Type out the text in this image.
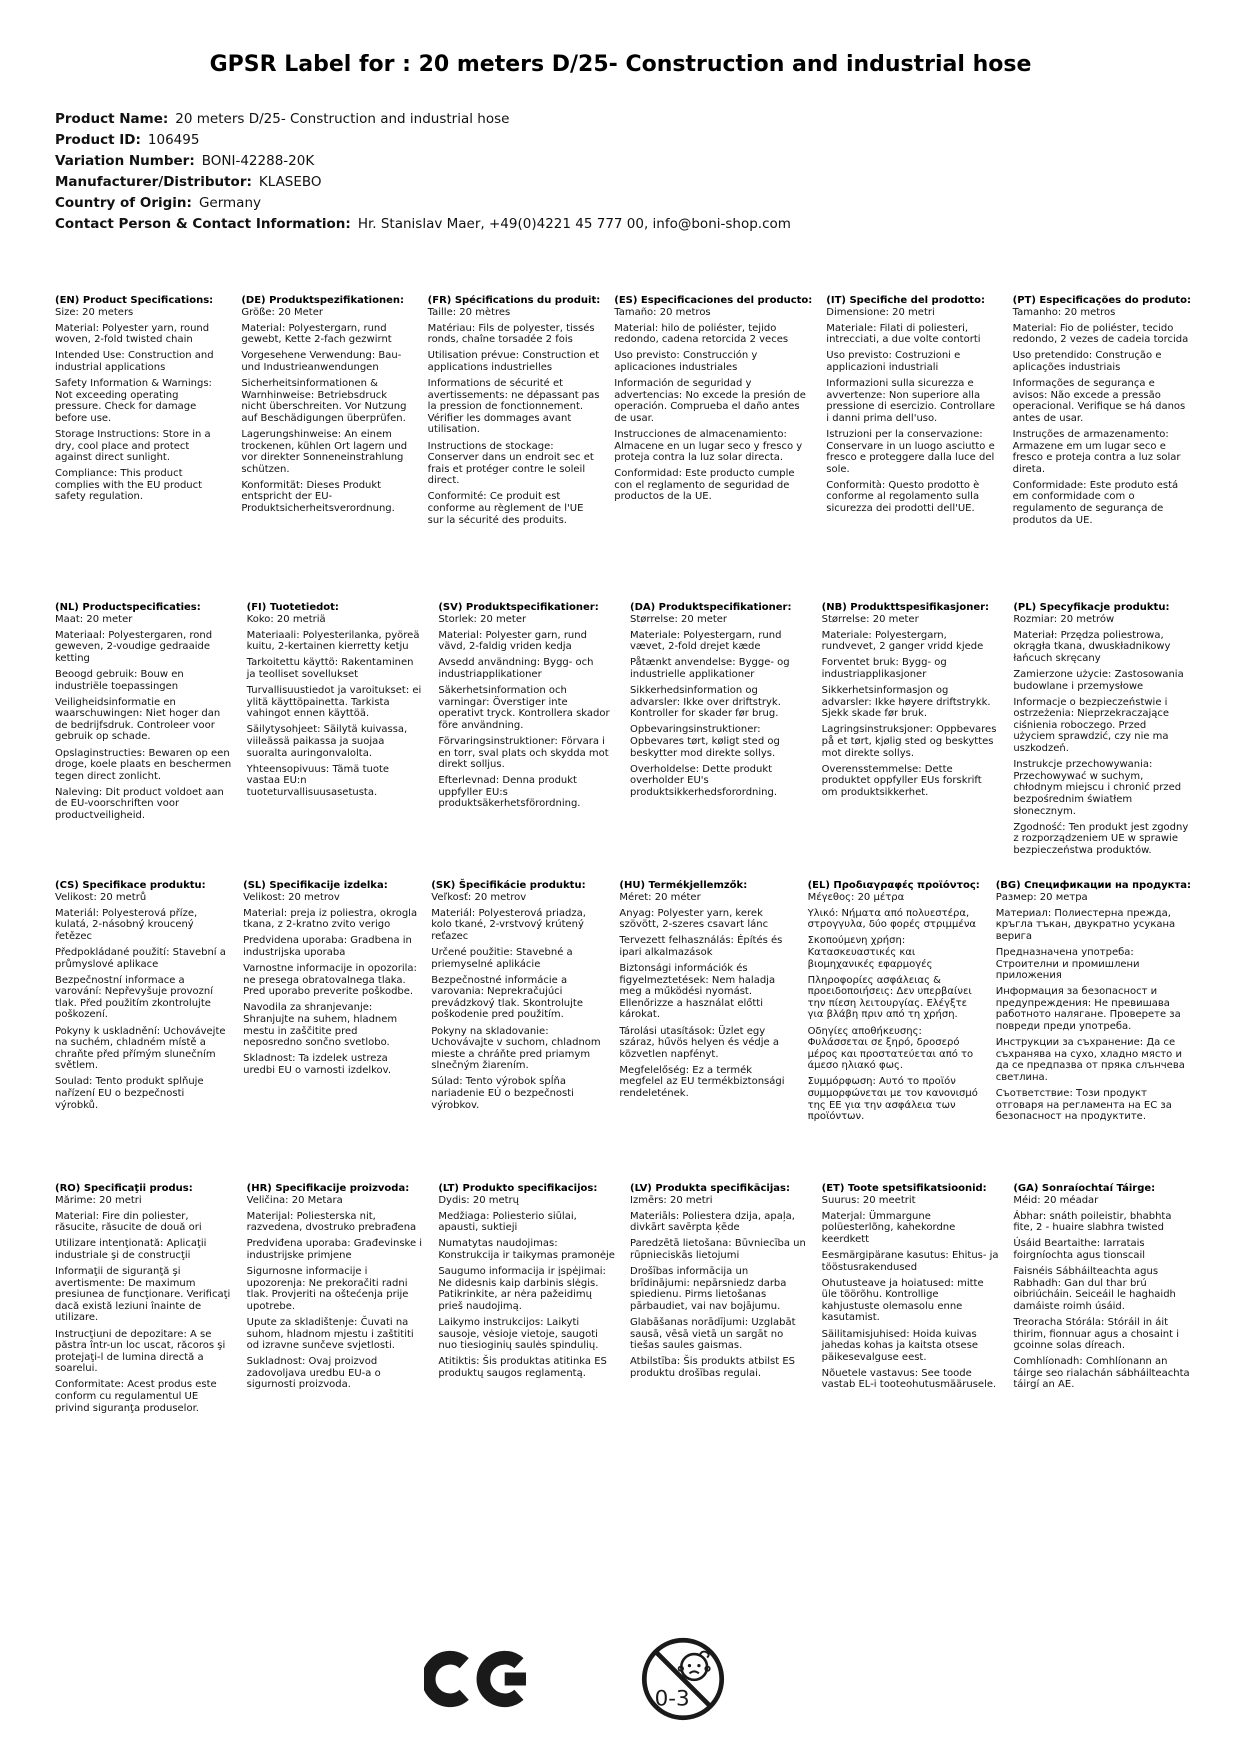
GPSR Label for : 20 meters D/25- Construction and industrial hose
Product Name: 20 meters D/25- Construction and industrial hose
Product ID: 106495
Variation Number: BONI-42288-20K
Manufacturer/Distributor: KLASEBO
Country of Origin: Germany
Contact Person & Contact Information: Hr. Stanislav Maer, +49(0)4221 45 777 00, info@boni-shop.com
(EN) Product Specifications:

Size: 20 meters

Material: Polyester yarn, round woven, 2-fold twisted chain

Intended Use: Construction and industrial applications

Safety Information & Warnings: Not exceeding operating pressure. Check for damage before use.

Storage Instructions: Store in a dry, cool place and protect against direct sunlight.

Compliance: This product complies with the EU product safety regulation.

(DE) Produktspezifikationen:

Größe: 20 Meter

Material: Polyestergarn, rund gewebt, Kette 2-fach gezwirnt

Vorgesehene Verwendung: Bau- und Industrieanwendungen

Sicherheitsinformationen & Warnhinweise: Betriebsdruck nicht überschreiten. Vor Nutzung auf Beschädigungen überprüfen.

Lagerungshinweise: An einem trockenen, kühlen Ort lagern und vor direkter Sonneneinstrahlung schützen.

Konformität: Dieses Produkt entspricht der EU-Produktsicherheitsverordnung.

(FR) Spécifications du produit:

Taille: 20 mètres

Matériau: Fils de polyester, tissés ronds, chaîne torsadée 2 fois

Utilisation prévue: Construction et applications industrielles

Informations de sécurité et avertissements: ne dépassant pas la pression de fonctionnement. Vérifier les dommages avant utilisation.

Instructions de stockage: Conserver dans un endroit sec et frais et protéger contre le soleil direct.

Conformité: Ce produit est conforme au règlement de l'UE sur la sécurité des produits.

(ES) Especificaciones del producto:

Tamaño: 20 metros

Material: hilo de poliéster, tejido redondo, cadena retorcida 2 veces

Uso previsto: Construcción y aplicaciones industriales

Información de seguridad y advertencias: No excede la presión de operación. Comprueba el daño antes de usar.

Instrucciones de almacenamiento: Almacene en un lugar seco y fresco y proteja contra la luz solar directa.

Conformidad: Este producto cumple con el reglamento de seguridad de productos de la UE.

(IT) Specifiche del prodotto:

Dimensione: 20 metri

Materiale: Filati di poliesteri, intrecciati, a due volte contorti

Uso previsto: Costruzioni e applicazioni industriali

Informazioni sulla sicurezza e avvertenze: Non superiore alla pressione di esercizio. Controllare i danni prima dell'uso.

Istruzioni per la conservazione: Conservare in un luogo asciutto e fresco e proteggere dalla luce del sole.

Conformità: Questo prodotto è conforme al regolamento sulla sicurezza dei prodotti dell'UE.

(PT) Especificações do produto:

Tamanho: 20 metros

Material: Fio de poliéster, tecido redondo, 2 vezes de cadeia torcida

Uso pretendido: Construção e aplicações industriais

Informações de segurança e avisos: Não excede a pressão operacional. Verifique se há danos antes de usar.

Instruções de armazenamento: Armazene em um lugar seco e fresco e proteja contra a luz solar direta.

Conformidade: Este produto está em conformidade com o regulamento de segurança de produtos da UE.

(NL) Productspecificaties:

Maat: 20 meter

Materiaal: Polyestergaren, rond geweven, 2-voudige gedraaide ketting

Beoogd gebruik: Bouw en industriële toepassingen

Veiligheidsinformatie en waarschuwingen: Niet hoger dan de bedrijfsdruk. Controleer voor gebruik op schade.

Opslaginstructies: Bewaren op een droge, koele plaats en beschermen tegen direct zonlicht.

Naleving: Dit product voldoet aan de EU-voorschriften voor productveiligheid.

(FI) Tuotetiedot:

Koko: 20 metriä

Materiaali: Polyesterilanka, pyöreä kuitu, 2-kertainen kierretty ketju

Tarkoitettu käyttö: Rakentaminen ja teolliset sovellukset

Turvallisuustiedot ja varoitukset: ei ylitä käyttöpainetta. Tarkista vahingot ennen käyttöä.

Säilytysohjeet: Säilytä kuivassa, viileässä paikassa ja suojaa suoralta auringonvalolta.

Yhteensopivuus: Tämä tuote vastaa EU:n tuoteturvallisuusasetusta.

(SV) Produktspecifikationer:

Storlek: 20 meter

Material: Polyester garn, rund vävd, 2-faldig vriden kedja

Avsedd användning: Bygg- och industriapplikationer

Säkerhetsinformation och varningar: Överstiger inte operativt tryck. Kontrollera skador före användning.

Förvaringsinstruktioner: Förvara i en torr, sval plats och skydda mot direkt solljus.

Efterlevnad: Denna produkt uppfyller EU:s produktsäkerhetsförordning.

(DA) Produktspecifikationer:

Størrelse: 20 meter

Materiale: Polyestergarn, rund vævet, 2-fold drejet kæde

Påtænkt anvendelse: Bygge- og industrielle applikationer

Sikkerhedsinformation og advarsler: Ikke over driftstryk. Kontroller for skader før brug.

Opbevaringsinstruktioner: Opbevares tørt, køligt sted og beskytter mod direkte sollys.

Overholdelse: Dette produkt overholder EU's produktsikkerhedsforordning.

(NB) Produkttspesifikasjoner:

Størrelse: 20 meter

Materiale: Polyestergarn, rundvevet, 2 ganger vridd kjede

Forventet bruk: Bygg- og industriapplikasjoner

Sikkerhetsinformasjon og advarsler: Ikke høyere driftstrykk. Sjekk skade før bruk.

Lagringsinstruksjoner: Oppbevares på et tørt, kjølig sted og beskyttes mot direkte sollys.

Overensstemmelse: Dette produktet oppfyller EUs forskrift om produktsikkerhet.

(PL) Specyfikacje produktu:

Rozmiar: 20 metrów

Materiał: Przędza poliestrowa, okrągła tkana, dwuskładnikowy łańcuch skręcany

Zamierzone użycie: Zastosowania budowlane i przemysłowe

Informacje o bezpieczeństwie i ostrzeżenia: Nieprzekraczające ciśnienia roboczego. Przed użyciem sprawdzić, czy nie ma uszkodzeń.

Instrukcje przechowywania: Przechowywać w suchym, chłodnym miejscu i chronić przed bezpośrednim światłem słonecznym.

Zgodność: Ten produkt jest zgodny z rozporządzeniem UE w sprawie bezpieczeństwa produktów.

(CS) Specifikace produktu:

Velikost: 20 metrů

Materiál: Polyesterová příze, kulatá, 2-násobný kroucený řetězec

Předpokládané použití: Stavební a průmyslové aplikace

Bezpečnostní informace a varování: Nepřevyšuje provozní tlak. Před použitím zkontrolujte poškození.

Pokyny k uskladnění: Uchovávejte na suchém, chladném místě a chraňte před přímým slunečním světlem.

Soulad: Tento produkt splňuje nařízení EU o bezpečnosti výrobků.

(SL) Specifikacije izdelka:

Velikost: 20 metrov

Material: preja iz poliestra, okrogla tkana, z 2-kratno zvito verigo

Predvidena uporaba: Gradbena in industrijska uporaba

Varnostne informacije in opozorila: ne presega obratovalnega tlaka. Pred uporabo preverite poškodbe.

Navodila za shranjevanje: Shranjujte na suhem, hladnem mestu in zaščitite pred neposredno sončno svetlobo.

Skladnost: Ta izdelek ustreza uredbi EU o varnosti izdelkov.

(SK) Špecifikácie produktu:

Veľkosť: 20 metrov

Materiál: Polyesterová priadza, kolo tkané, 2-vrstvový krútený reťazec

Určené použitie: Stavebné a priemyselné aplikácie

Bezpečnostné informácie a varovania: Neprekračujúci prevádzkový tlak. Skontrolujte poškodenie pred použitím.

Pokyny na skladovanie: Uchovávajte v suchom, chladnom mieste a chráňte pred priamym slnečným žiarením.

Súlad: Tento výrobok spĺňa nariadenie EÚ o bezpečnosti výrobkov.

(HU) Termékjellemzők:

Méret: 20 méter

Anyag: Polyester yarn, kerek szövött, 2-szeres csavart lánc

Tervezett felhasználás: Építés és ipari alkalmazások

Biztonsági információk és figyelmeztetések: Nem haladja meg a működési nyomást. Ellenőrizze a használat előtti károkat.

Tárolási utasítások: Üzlet egy száraz, hűvös helyen és védje a közvetlen napfényt.

Megfelelőség: Ez a termék megfelel az EU termékbiztonsági rendeletének.

(EL) Προδιαγραφές προϊόντος:

Μέγεθος: 20 μέτρα

Υλικό: Νήματα από πολυεστέρα, στρογγυλα, δύο φορές στριμμένα

Σκοπούμενη χρήση: Κατασκευαστικές και βιομηχανικές εφαρμογές

Πληροφορίες ασφάλειας & προειδοποιήσεις: Δεν υπερβαίνει την πίεση λειτουργίας. Ελέγξτε για βλάβη πριν από τη χρήση.

Οδηγίες αποθήκευσης: Φυλάσσεται σε ξηρό, δροσερό μέρος και προστατεύεται από το άμεσο ηλιακό φως.

Συμμόρφωση: Αυτό το προϊόν συμμορφώνεται με τον κανονισμό της ΕΕ για την ασφάλεια των προϊόντων.

(BG) Спецификации на продукта:

Размер: 20 метра

Материал: Полиестерна прежда, кръгла тъкан, двукратно усукана верига

Предназначена употреба: Строителни и промишлени приложения

Информация за безопасност и предупреждения: Не превишава работното налягане. Проверете за повреди преди употреба.

Инструкции за съхранение: Да се съхранява на сухо, хладно място и да се предпазва от пряка слънчева светлина.

Съответствие: Този продукт отговаря на регламента на ЕС за безопасност на продуктите.

(RO) Specificaţii produs:

Mărime: 20 metri

Material: Fire din poliester, răsucite, răsucite de două ori

Utilizare intenţionată: Aplicaţii industriale şi de construcţii

Informaţii de siguranţă şi avertismente: De maximum presiunea de funcţionare. Verificaţi dacă există leziuni înainte de utilizare.

Instrucţiuni de depozitare: A se păstra într-un loc uscat, răcoros şi protejaţi-l de lumina directă a soarelui.

Conformitate: Acest produs este conform cu regulamentul UE privind siguranţa produselor.

(HR) Specifikacije proizvoda:

Veličina: 20 Metara

Materijal: Poliesterska nit, razvedena, dvostruko prebrađena

Predviđena uporaba: Građevinske i industrijske primjene

Sigurnosne informacije i upozorenja: Ne prekoračiti radni tlak. Provjeriti na oštećenja prije upotrebe.

Upute za skladištenje: Čuvati na suhom, hladnom mjestu i zaštititi od izravne sunčeve svjetlosti.

Sukladnost: Ovaj proizvod zadovoljava uredbu EU-a o sigurnosti proizvoda.

(LT) Produkto specifikacijos:

Dydis: 20 metrų

Medžiaga: Poliesterio siūlai, apausti, suktieji

Numatytas naudojimas: Konstrukcija ir taikymas pramonėje

Saugumo informacija ir įspėjimai: Ne didesnis kaip darbinis slėgis. Patikrinkite, ar nėra pažeidimų prieš naudojimą.

Laikymo instrukcijos: Laikyti sausoje, vėsioje vietoje, saugoti nuo tiesioginių saulės spindulių.

Atitiktis: Šis produktas atitinka ES produktų saugos reglamentą.

(LV) Produkta specifikācijas:

Izmērs: 20 metri

Materiāls: Poliestera dzija, apaļa, divkārt savērpta ķēde

Paredzētā lietošana: Būvniecība un rūpnieciskās lietojumi

Drošības informācija un brīdinājumi: nepārsniedz darba spiedienu. Pirms lietošanas pārbaudiet, vai nav bojājumu.

Glabāšanas norādījumi: Uzglabāt sausā, vēsā vietā un sargāt no tiešas saules gaismas.

Atbilstība: Šis produkts atbilst ES produktu drošības regulai.

(ET) Toote spetsifikatsioonid:

Suurus: 20 meetrit

Materjal: Ümmargune polüesterlõng, kahekordne keerdkett

Eesmärgipärane kasutus: Ehitus- ja tööstusrakendused

Ohutusteave ja hoiatused: mitte üle töörõhu. Kontrollige kahjustuste olemasolu enne kasutamist.

Säilitamisjuhised: Hoida kuivas jahedas kohas ja kaitsta otsese päikesevalguse eest.

Nõuetele vastavus: See toode vastab EL-i tooteohutusmäärusele.

(GA) Sonraíochtaí Táirge:

Méid: 20 méadar

Ábhar: snáth poileistir, bhabhta fite, 2 - huaire slabhra twisted

Úsáid Beartaithe: Iarratais foirgníochta agus tionscail

Faisnéis Sábháilteachta agus Rabhadh: Gan dul thar brú oibriúcháin. Seiceáil le haghaidh damáiste roimh úsáid.

Treoracha Stórála: Stóráil in áit thirim, fionnuar agus a chosaint i gcoinne solas díreach.

Comhlíonadh: Comhlíonann an táirge seo rialachán sábháilteachta táirgí an AE.

0-3
